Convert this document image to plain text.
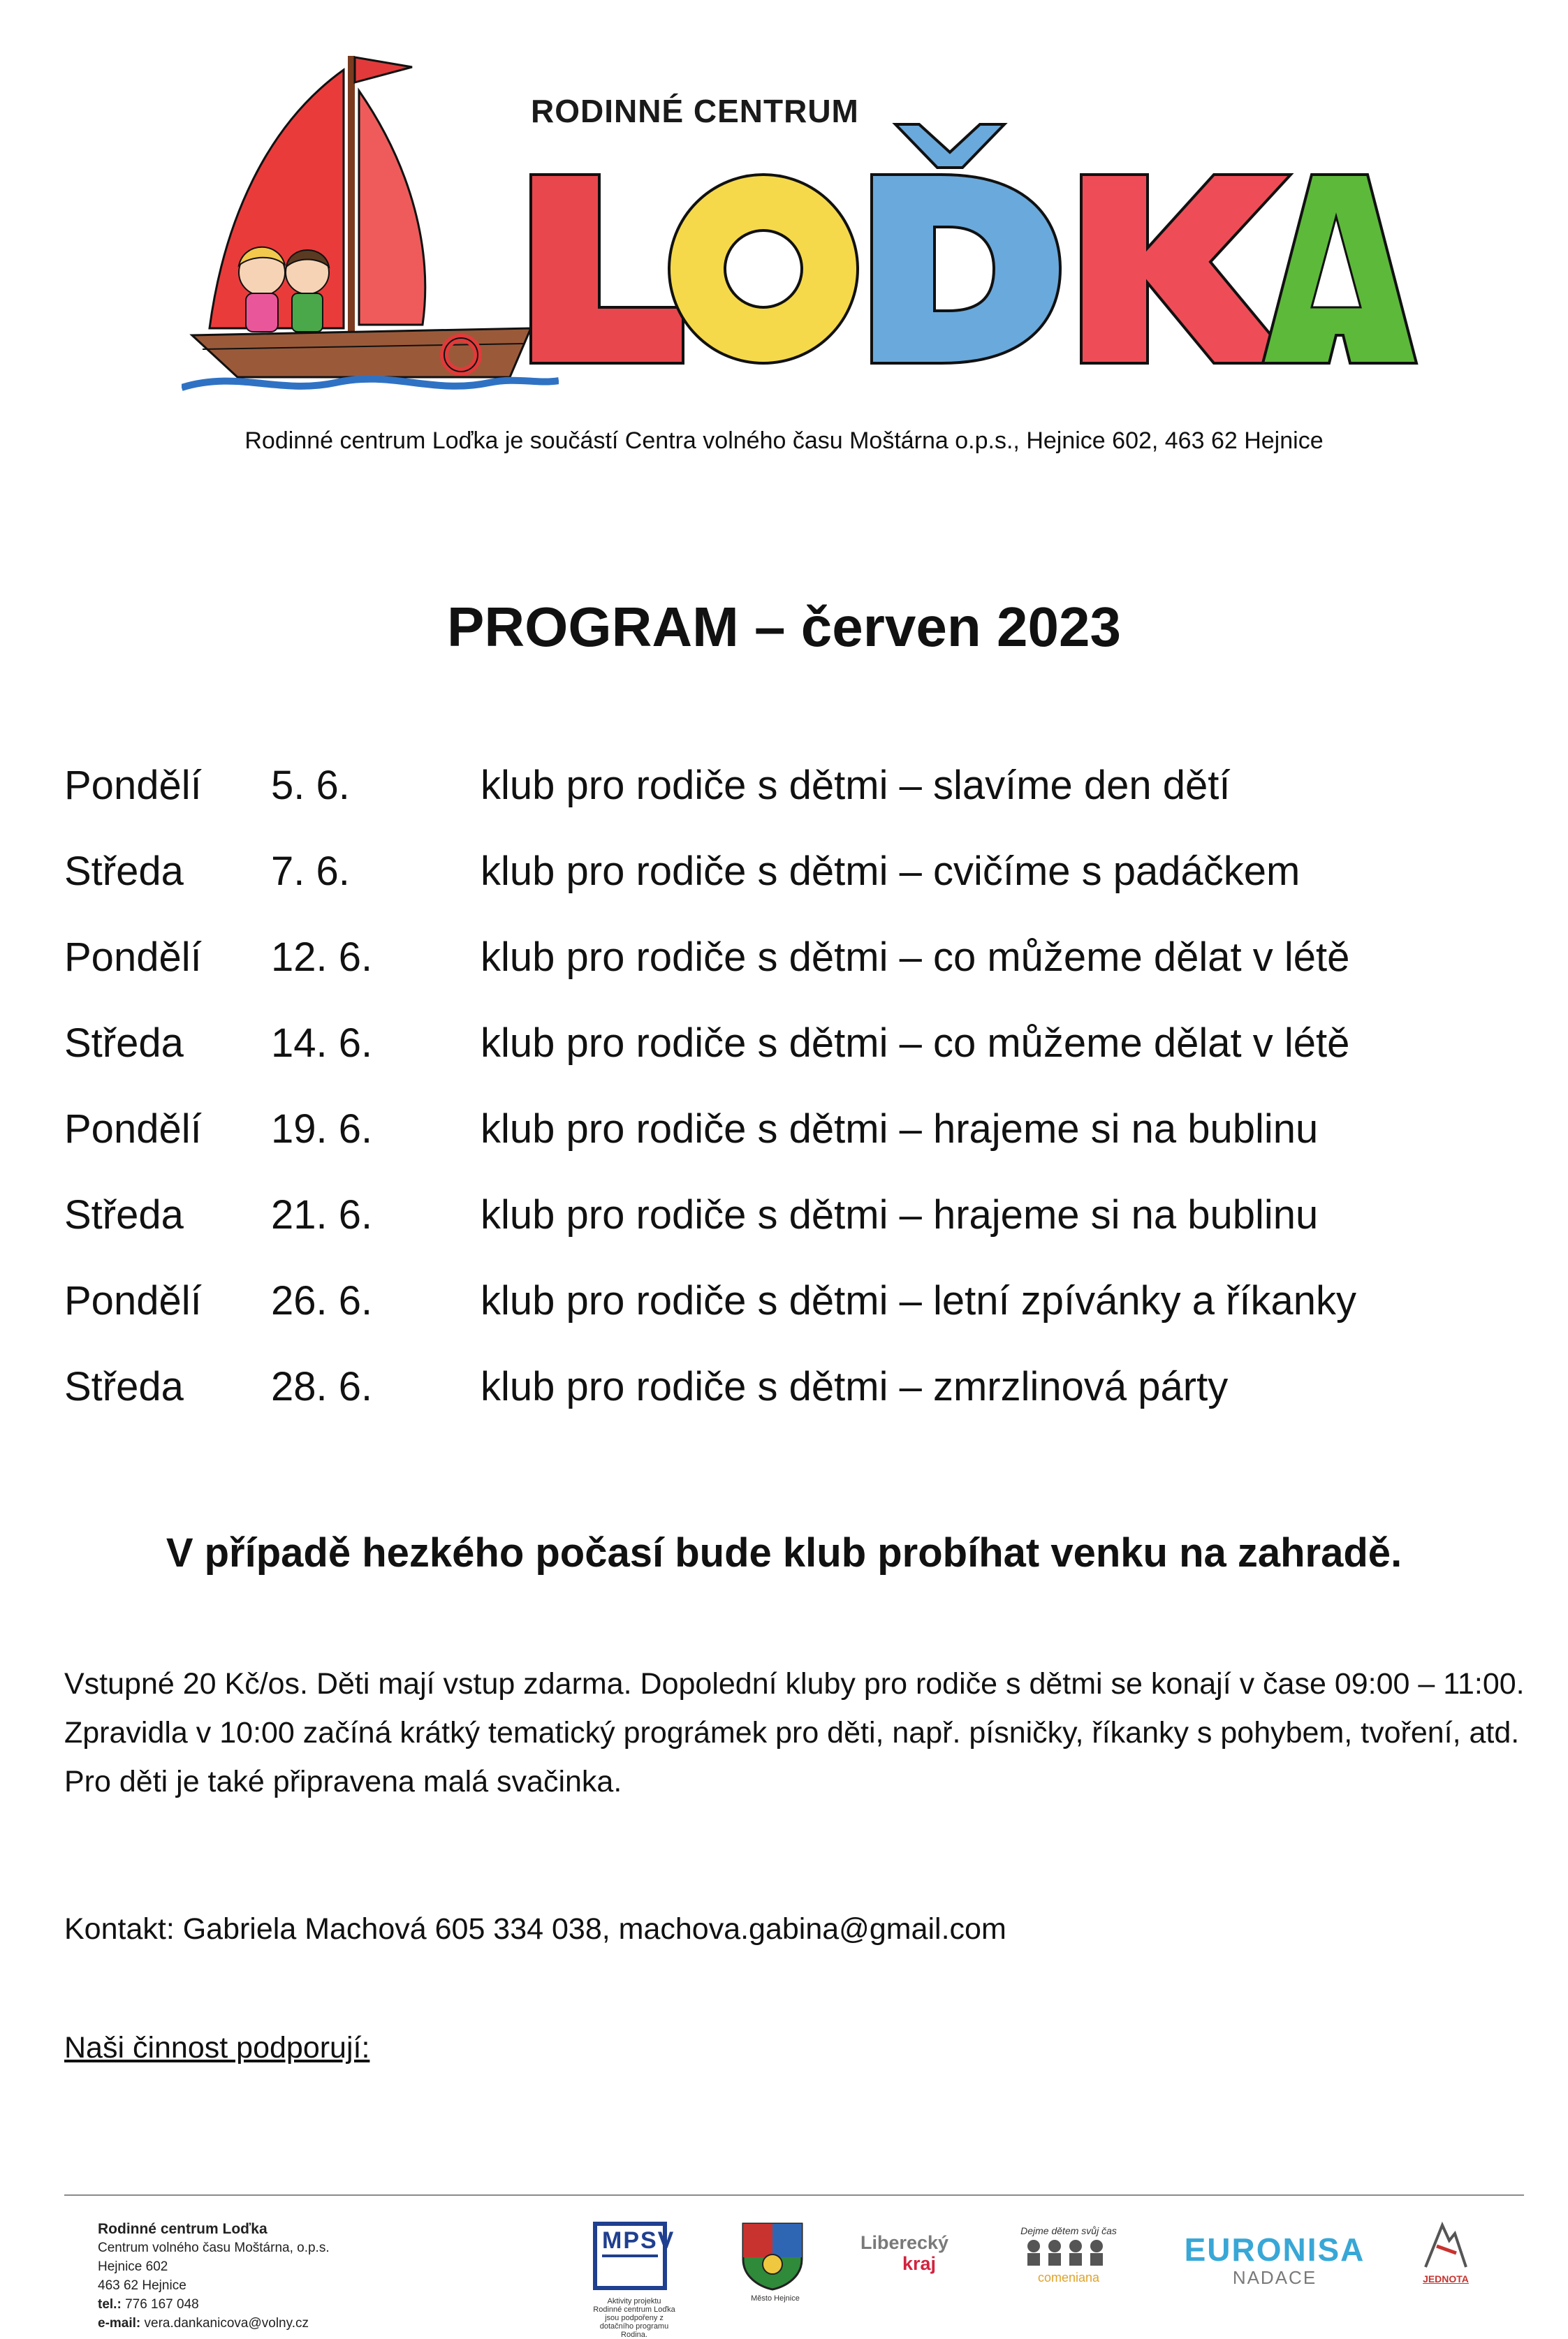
RODINNÉ CENTRUM
Rodinné centrum Loďka je součástí Centra volného času Moštárna o.p.s., Hejnice 602, 463 62 Hejnice
PROGRAM – červen 2023
Pondělí 5. 6.	klub pro rodiče s dětmi – slavíme den dětí
Středa 7. 6.	klub pro rodiče s dětmi – cvičíme s padáčkem
Pondělí 12. 6.	klub pro rodiče s dětmi – co můžeme dělat v létě
Středa 14. 6.	klub pro rodiče s dětmi – co můžeme dělat v létě
Pondělí 19. 6.	klub pro rodiče s dětmi – hrajeme si na bublinu
Středa 21. 6.	klub pro rodiče s dětmi – hrajeme si na bublinu
Pondělí 26. 6.	klub pro rodiče s dětmi – letní zpívánky a říkanky
Středa 28. 6.	klub pro rodiče s dětmi – zmrzlinová párty
V případě hezkého počasí bude klub probíhat venku na zahradě.
Vstupné 20 Kč/os. Děti mají vstup zdarma. Dopolední kluby pro rodiče s dětmi se konají v čase 09:00 – 11:00. Zpravidla v 10:00 začíná krátký tematický prográmek pro děti, např. písničky, říkanky s pohybem, tvoření, atd. Pro děti je také připravena malá svačinka.
Kontakt: Gabriela Machová 605 334 038, machova.gabina@gmail.com
Naši činnost podporují:
Rodinné centrum Loďka
Centrum volného času Moštárna, o.p.s.
Hejnice 602
463 62 Hejnice
tel.: 776 167 048
e-mail: vera.dankanicova@volny.cz
MPSV
Aktivity projektu Rodinné centrum Loďka jsou podpořeny z dotačního programu Rodina.
Město Hejnice
Liberecký
kraj
Dejme dětem svůj čas
comeniana
EURONISA
NADACE	JEDNOTA
